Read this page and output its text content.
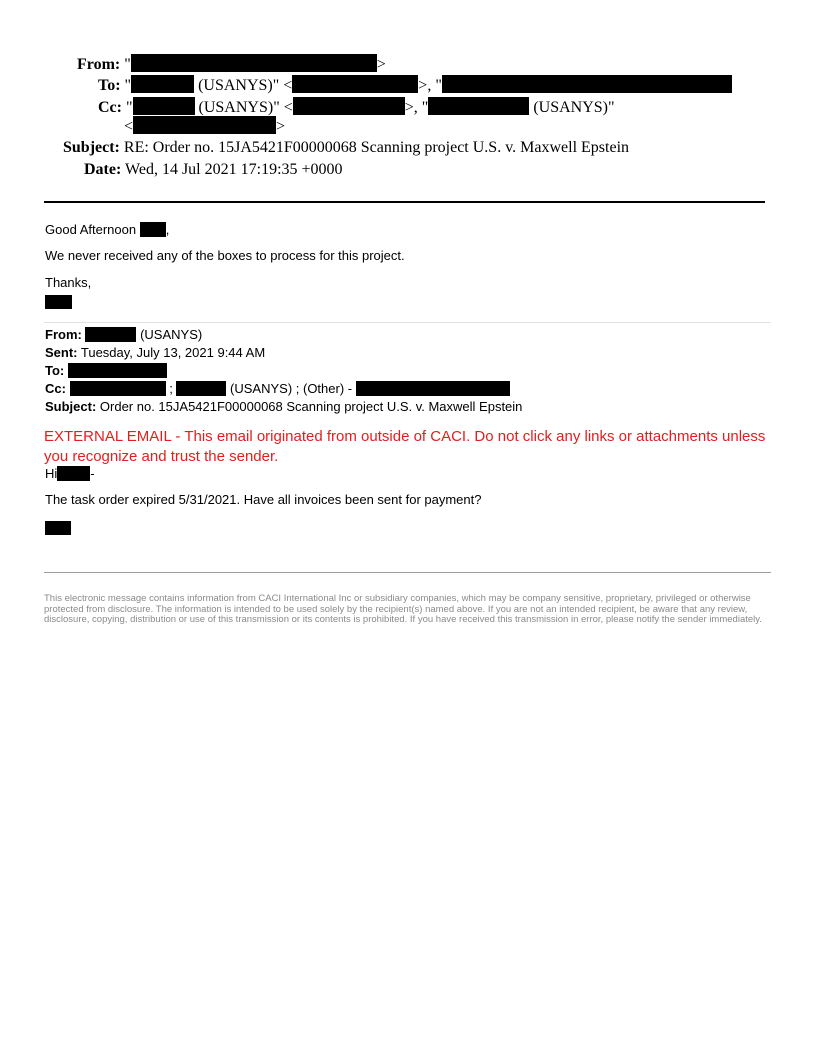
From: "	>
To: "	(USANYS)" <	>, "
Cc: "	(USANYS)" <	>, "	(USANYS)"
<	>
Subject: RE: Order no. 15JA5421F00000068 Scanning project U.S. v. Maxwell Epstein
Date: Wed, 14 Jul 2021 17:19:35 +0000
Good Afternoon ,
We never received any of the boxes to process for this project.
Thanks,
From:	(USANYS)
Sent: Tuesday, July 13, 2021 9:44 AM
To:
Cc:	;	(USANYS) ; (Other) -
Subject: Order no. 15JA5421F00000068 Scanning project U.S. v. Maxwell Epstein
EXTERNAL EMAIL - This email originated from outside of CACI. Do not click any links or attachments unless you recognize and trust the sender.
Hi	-
The task order expired 5/31/2021. Have all invoices been sent for payment?
This electronic message contains information from CACI International Inc or subsidiary companies, which may be company sensitive, proprietary, privileged or otherwise protected from disclosure. The information is intended to be used solely by the recipient(s) named above. If you are not an intended recipient, be aware that any review, disclosure, copying, distribution or use of this transmission or its contents is prohibited. If you have received this transmission in error, please notify the sender immediately.
